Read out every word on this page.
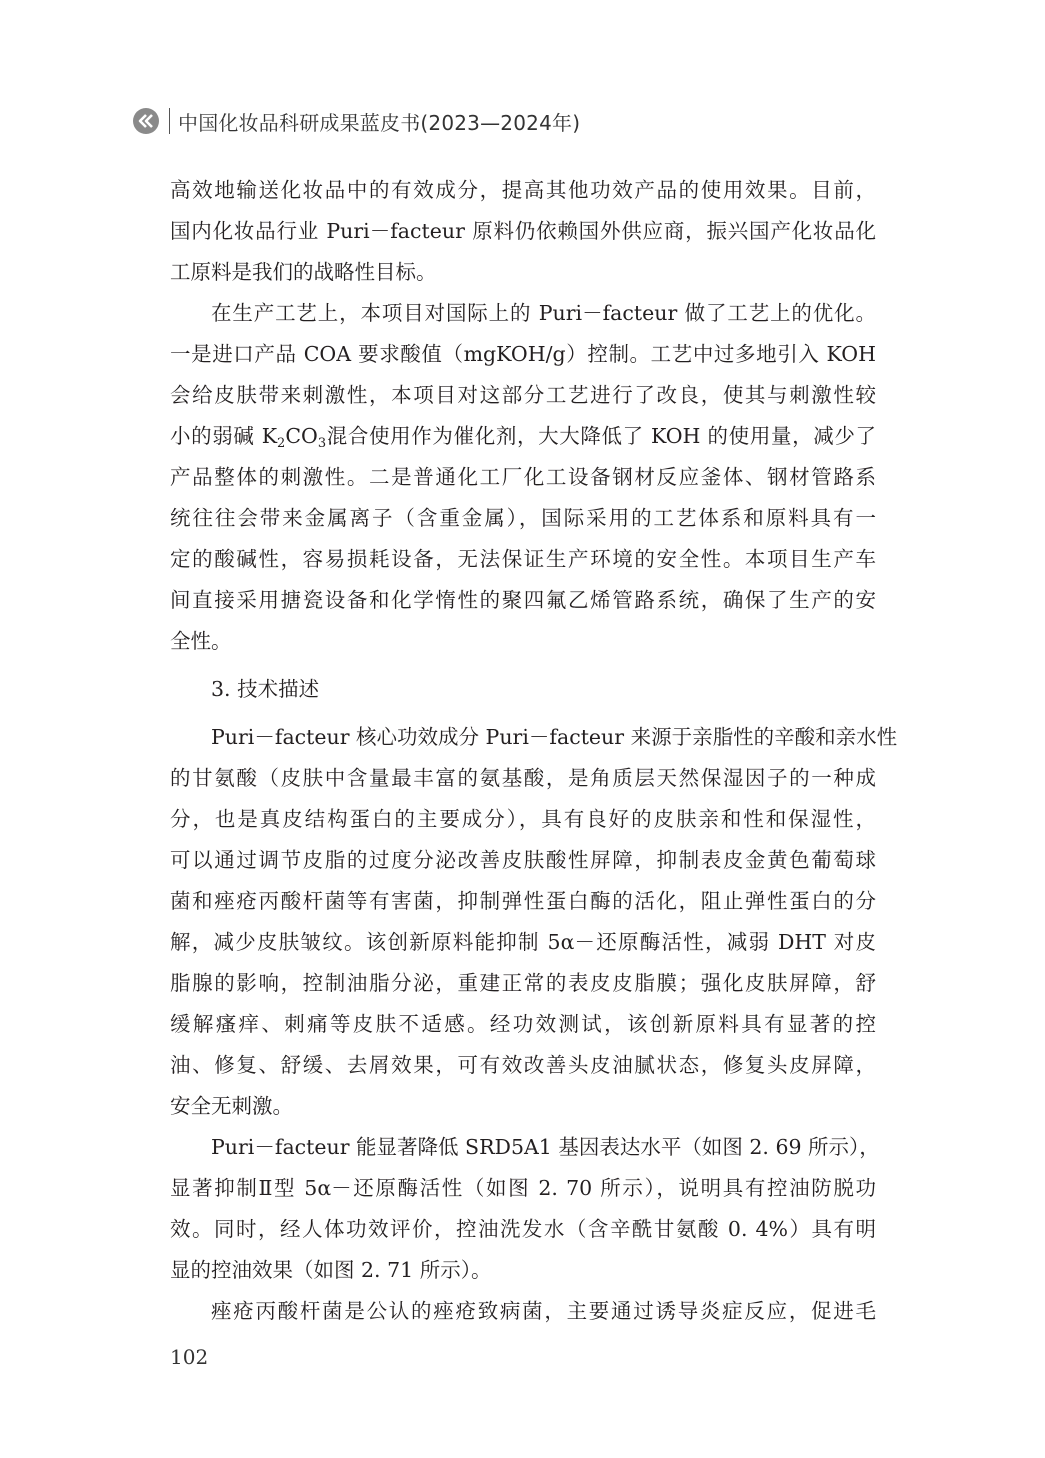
中国化妆品科研成果蓝皮书(2023—2024年)
高效地输送化妆品中的有效成分，提高其他功效产品的使用效果。目前，
国内化妆品行业 Puri－facteur 原料仍依赖国外供应商，振兴国产化妆品化
工原料是我们的战略性目标。
在生产工艺上，本项目对国际上的 Puri－facteur 做了工艺上的优化。
一是进口产品 COA 要求酸值（mgKOH/g）控制。工艺中过多地引入 KOH
会给皮肤带来刺激性，本项目对这部分工艺进行了改良，使其与刺激性较
小的弱碱 $K_2CO_3$混合使用作为催化剂，大大降低了 KOH 的使用量，减少了
产品整体的刺激性。二是普通化工厂化工设备钢材反应釜体、钢材管路系
统往往会带来金属离子（含重金属），国际采用的工艺体系和原料具有一
定的酸碱性，容易损耗设备，无法保证生产环境的安全性。本项目生产车
间直接采用搪瓷设备和化学惰性的聚四氟乙烯管路系统，确保了生产的安
全性。
3. 技术描述
Puri－facteur 核心功效成分 Puri－facteur 来源于亲脂性的辛酸和亲水性
的甘氨酸（皮肤中含量最丰富的氨基酸，是角质层天然保湿因子的一种成
分，也是真皮结构蛋白的主要成分），具有良好的皮肤亲和性和保湿性，
可以通过调节皮脂的过度分泌改善皮肤酸性屏障，抑制表皮金黄色葡萄球
菌和痤疮丙酸杆菌等有害菌，抑制弹性蛋白酶的活化，阻止弹性蛋白的分
解，减少皮肤皱纹。该创新原料能抑制 5α－还原酶活性，减弱 DHT 对皮
脂腺的影响，控制油脂分泌，重建正常的表皮皮脂膜；强化皮肤屏障，舒
缓解瘙痒、刺痛等皮肤不适感。经功效测试，该创新原料具有显著的控
油、修复、舒缓、去屑效果，可有效改善头皮油腻状态，修复头皮屏障，
安全无刺激。
Puri－facteur 能显著降低 SRD5A1 基因表达水平（如图 2. 69 所示），
显著抑制Ⅱ型 5α－还原酶活性（如图 2. 70 所示），说明具有控油防脱功
效。同时，经人体功效评价，控油洗发水（含辛酰甘氨酸 0. 4%）具有明
显的控油效果（如图 2. 71 所示）。
痤疮丙酸杆菌是公认的痤疮致病菌，主要通过诱导炎症反应，促进毛
102
